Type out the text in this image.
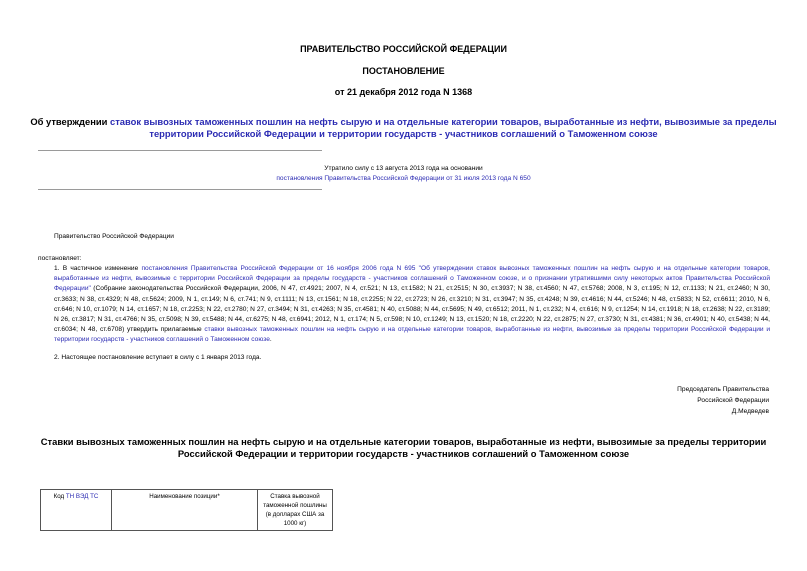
ПРАВИТЕЛЬСТВО РОССИЙСКОЙ ФЕДЕРАЦИИ
ПОСТАНОВЛЕНИЕ
от 21 декабря 2012 года N 1368
Об утверждении ставок вывозных таможенных пошлин на нефть сырую и на отдельные категории товаров, выработанные из нефти, вывозимые за пределы
территории Российской Федерации и территории государств - участников соглашений о Таможенном союзе
Утратило силу с 13 августа 2013 года на основании
постановления Правительства Российской Федерации от 31 июля 2013 года N 650
Правительство Российской Федерации
постановляет:
1. В частичное изменение постановления Правительства Российской Федерации от 16 ноября 2006 года N 695 "Об утверждении ставок вывозных таможенных пошлин на нефть сырую и на отдельные категории товаров, выработанные из нефти, вывозимые с территории Российской Федерации за пределы государств - участников соглашений о Таможенном союзе, и о признании утратившими силу некоторых актов Правительства Российской Федерации" (Собрание законодательства Российской Федерации, 2006, N 47, ст.4921; 2007, N 4, ст.521; N 13, ст.1582; N 21, ст.2515; N 30, ст.3937; N 38, ст.4560; N 47, ст.5768; 2008, N 3, ст.195; N 12, ст.1133; N 21, ст.2460; N 30, ст.3633; N 38, ст.4329; N 48, ст.5624; 2009, N 1, ст.149; N 6, ст.741; N 9, ст.1111; N 13, ст.1561; N 18, ст.2255; N 22, ст.2723; N 26, ст.3210; N 31, ст.3947; N 35, ст.4248; N 39, ст.4616; N 44, ст.5246; N 48, ст.5833; N 52, ст.6611; 2010, N 6, ст.646; N 10, ст.1079; N 14, ст.1657; N 18, ст.2253; N 22, ст.2780; N 27, ст.3494; N 31, ст.4263; N 35, ст.4581; N 40, ст.5088; N 44, ст.5695; N 49, ст.6512; 2011, N 1, ст.232; N 4, ст.616; N 9, ст.1254; N 14, ст.1918; N 18, ст.2638; N 22, ст.3189; N 26, ст.3817; N 31, ст.4766; N 35, ст.5098; N 39, ст.5488; N 44, ст.6275; N 48, ст.6941; 2012, N 1, ст.174; N 5, ст.598; N 10, ст.1249; N 13, ст.1520; N 18, ст.2220; N 22, ст.2875; N 27, ст.3730; N 31, ст.4381; N 36, ст.4901; N 40, ст.5438; N 44, ст.6034; N 48, ст.6708) утвердить прилагаемые ставки вывозных таможенных пошлин на нефть сырую и на отдельные категории товаров, выработанные из нефти, вывозимые за пределы территории Российской Федерации и территории государств - участников соглашений о Таможенном союзе.
2. Настоящее постановление вступает в силу с 1 января 2013 года.
Председатель Правительства
Российской Федерации
Д.Медведев
Ставки вывозных таможенных пошлин на нефть сырую и на отдельные категории товаров, выработанные из нефти, вывозимые за пределы территории
Российской Федерации и территории государств - участников соглашений о Таможенном союзе
Код ТН ВЭД ТС	Наименование позиции*	Ставка вывозной таможенной пошлины (в долларах США за 1000 кг)
